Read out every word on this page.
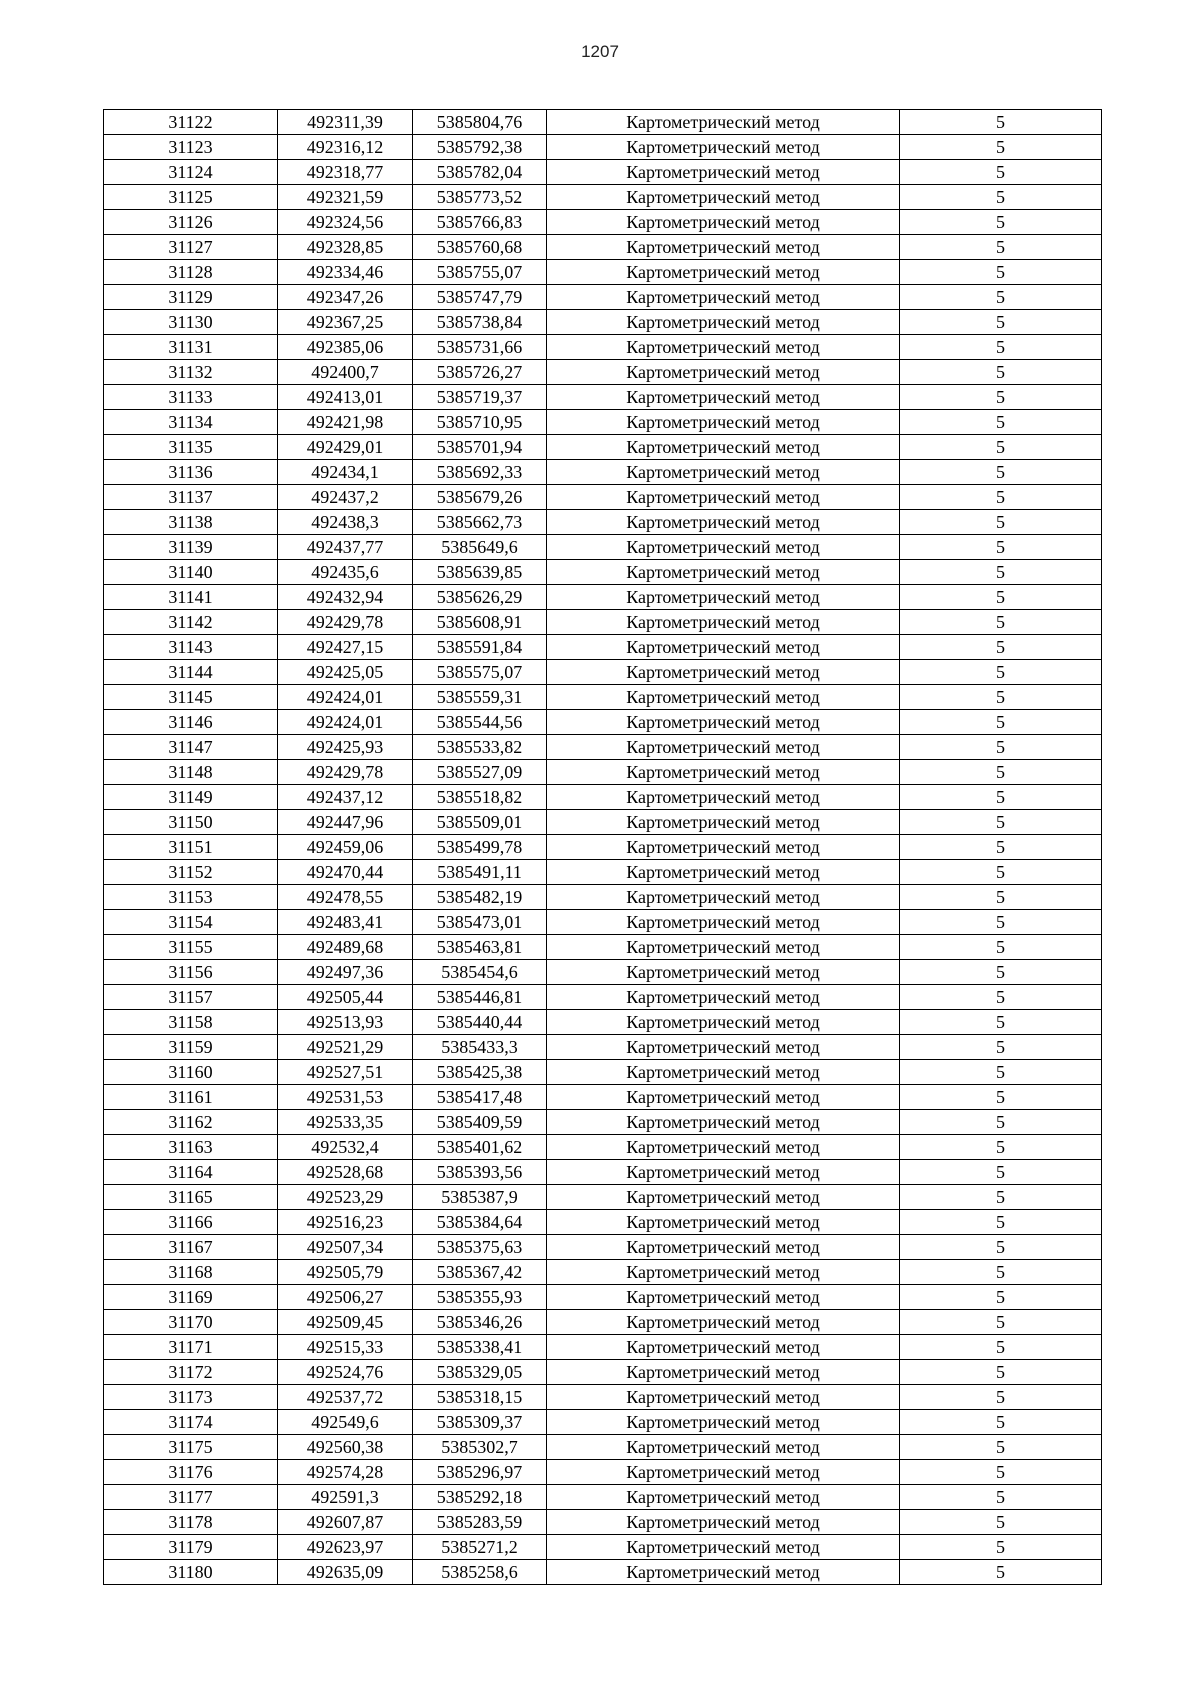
1207
31122	492311,39	5385804,76	Картометрический метод	5
31123	492316,12	5385792,38	Картометрический метод	5
31124	492318,77	5385782,04	Картометрический метод	5
31125	492321,59	5385773,52	Картометрический метод	5
31126	492324,56	5385766,83	Картометрический метод	5
31127	492328,85	5385760,68	Картометрический метод	5
31128	492334,46	5385755,07	Картометрический метод	5
31129	492347,26	5385747,79	Картометрический метод	5
31130	492367,25	5385738,84	Картометрический метод	5
31131	492385,06	5385731,66	Картометрический метод	5
31132	492400,7	5385726,27	Картометрический метод	5
31133	492413,01	5385719,37	Картометрический метод	5
31134	492421,98	5385710,95	Картометрический метод	5
31135	492429,01	5385701,94	Картометрический метод	5
31136	492434,1	5385692,33	Картометрический метод	5
31137	492437,2	5385679,26	Картометрический метод	5
31138	492438,3	5385662,73	Картометрический метод	5
31139	492437,77	5385649,6	Картометрический метод	5
31140	492435,6	5385639,85	Картометрический метод	5
31141	492432,94	5385626,29	Картометрический метод	5
31142	492429,78	5385608,91	Картометрический метод	5
31143	492427,15	5385591,84	Картометрический метод	5
31144	492425,05	5385575,07	Картометрический метод	5
31145	492424,01	5385559,31	Картометрический метод	5
31146	492424,01	5385544,56	Картометрический метод	5
31147	492425,93	5385533,82	Картометрический метод	5
31148	492429,78	5385527,09	Картометрический метод	5
31149	492437,12	5385518,82	Картометрический метод	5
31150	492447,96	5385509,01	Картометрический метод	5
31151	492459,06	5385499,78	Картометрический метод	5
31152	492470,44	5385491,11	Картометрический метод	5
31153	492478,55	5385482,19	Картометрический метод	5
31154	492483,41	5385473,01	Картометрический метод	5
31155	492489,68	5385463,81	Картометрический метод	5
31156	492497,36	5385454,6	Картометрический метод	5
31157	492505,44	5385446,81	Картометрический метод	5
31158	492513,93	5385440,44	Картометрический метод	5
31159	492521,29	5385433,3	Картометрический метод	5
31160	492527,51	5385425,38	Картометрический метод	5
31161	492531,53	5385417,48	Картометрический метод	5
31162	492533,35	5385409,59	Картометрический метод	5
31163	492532,4	5385401,62	Картометрический метод	5
31164	492528,68	5385393,56	Картометрический метод	5
31165	492523,29	5385387,9	Картометрический метод	5
31166	492516,23	5385384,64	Картометрический метод	5
31167	492507,34	5385375,63	Картометрический метод	5
31168	492505,79	5385367,42	Картометрический метод	5
31169	492506,27	5385355,93	Картометрический метод	5
31170	492509,45	5385346,26	Картометрический метод	5
31171	492515,33	5385338,41	Картометрический метод	5
31172	492524,76	5385329,05	Картометрический метод	5
31173	492537,72	5385318,15	Картометрический метод	5
31174	492549,6	5385309,37	Картометрический метод	5
31175	492560,38	5385302,7	Картометрический метод	5
31176	492574,28	5385296,97	Картометрический метод	5
31177	492591,3	5385292,18	Картометрический метод	5
31178	492607,87	5385283,59	Картометрический метод	5
31179	492623,97	5385271,2	Картометрический метод	5
31180	492635,09	5385258,6	Картометрический метод	5
